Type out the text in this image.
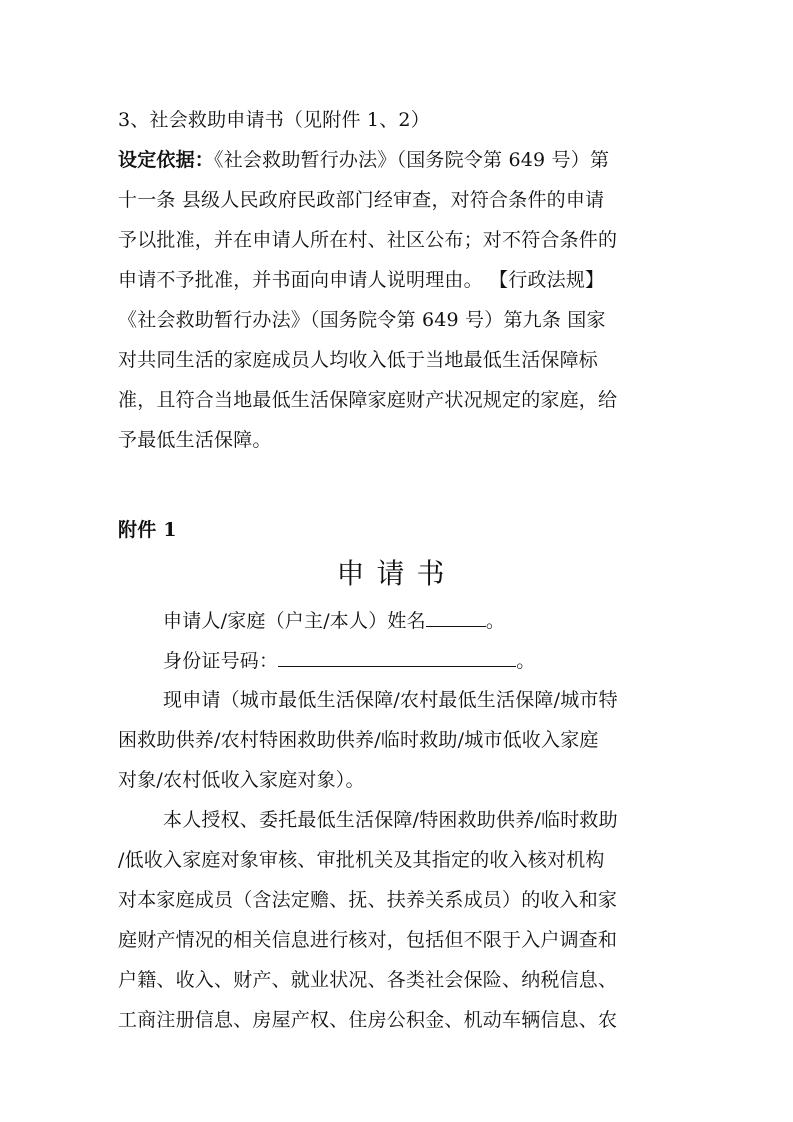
3、社会救助申请书（见附件 1、2）
设定依据：《社会救助暂行办法》（国务院令第 649 号）第
十一条 县级人民政府民政部门经审查，对符合条件的申请
予以批准，并在申请人所在村、社区公布；对不符合条件的
申请不予批准，并书面向申请人说明理由。 【行政法规】
《社会救助暂行办法》（国务院令第 649 号）第九条 国家
对共同生活的家庭成员人均收入低于当地最低生活保障标
准，且符合当地最低生活保障家庭财产状况规定的家庭，给
予最低生活保障。
附件 1
申请书
申请人/家庭（户主/本人）姓名	。
身份证号码：	。
现申请（城市最低生活保障/农村最低生活保障/城市特
困救助供养/农村特困救助供养/临时救助/城市低收入家庭
对象/农村低收入家庭对象）。
本人授权、委托最低生活保障/特困救助供养/临时救助
/低收入家庭对象审核、审批机关及其指定的收入核对机构
对本家庭成员（含法定赡、抚、扶养关系成员）的收入和家
庭财产情况的相关信息进行核对，包括但不限于入户调查和
户籍、收入、财产、就业状况、各类社会保险、纳税信息、
工商注册信息、房屋产权、住房公积金、机动车辆信息、农
